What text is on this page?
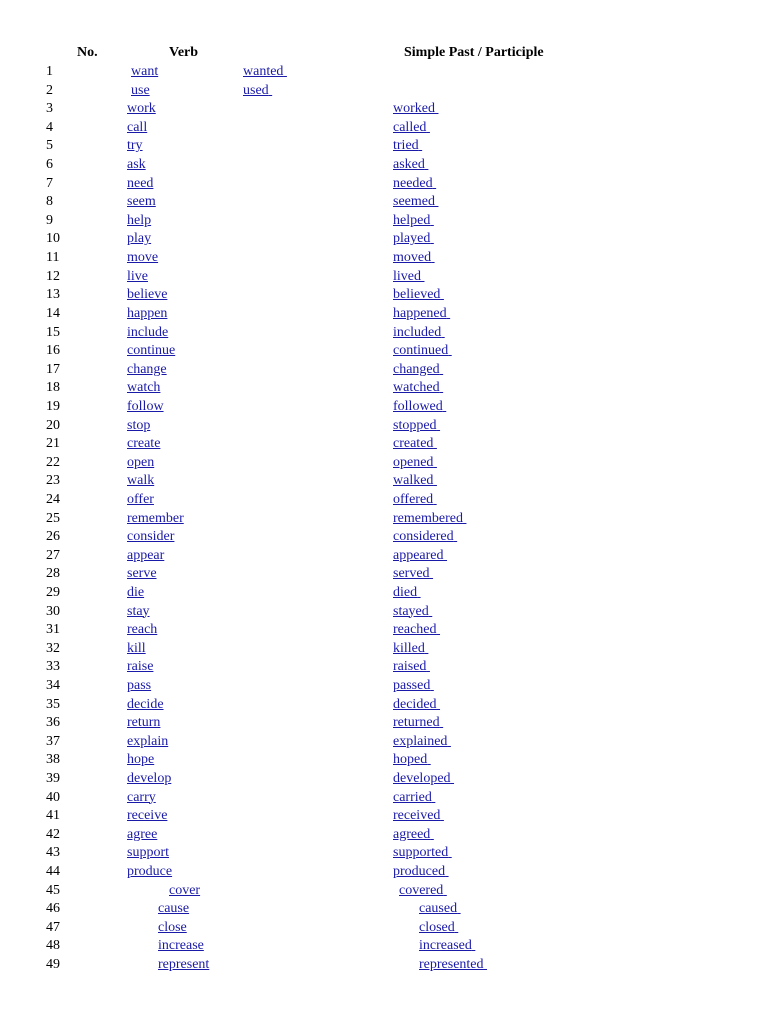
No.	Verb	Simple Past / Participle
1	want	wanted
2	use	used
3	work	worked
4	call	called
5	try	tried
6	ask	asked
7	need	needed
8	seem	seemed
9	help	helped
10	play	played
11	move	moved
12	live	lived
13	believe	believed
14	happen	happened
15	include	included
16	continue	continued
17	change	changed
18	watch	watched
19	follow	followed
20	stop	stopped
21	create	created
22	open	opened
23	walk	walked
24	offer	offered
25	remember	remembered
26	consider	considered
27	appear	appeared
28	serve	served
29	die	died
30	stay	stayed
31	reach	reached
32	kill	killed
33	raise	raised
34	pass	passed
35	decide	decided
36	return	returned
37	explain	explained
38	hope	hoped
39	develop	developed
40	carry	carried
41	receive	received
42	agree	agreed
43	support	supported
44	produce	produced
45	cover	covered
46	cause	caused
47	close	closed
48	increase	increased
49	represent	represented
